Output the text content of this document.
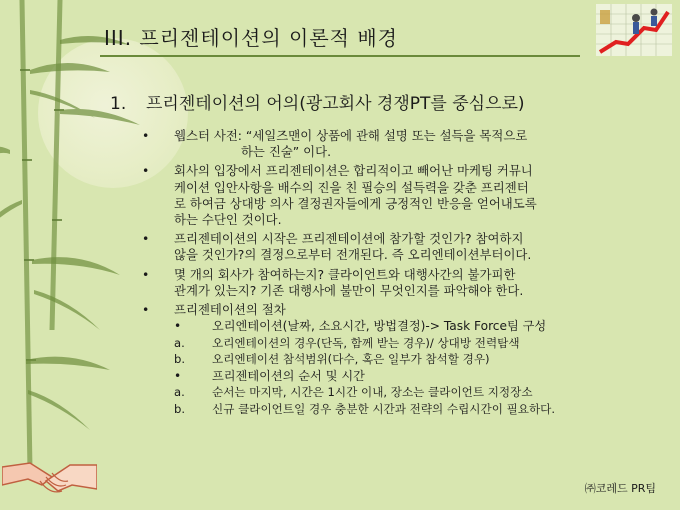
III. 프리젠테이션의 이론적 배경
1. 프리젠테이션의 어의(광고회사 경쟁PT를 중심으로)
•	웹스터 사전: “세일즈맨이 상품에 관해 설명 또는 설득을 목적으로
하는 진술” 이다.
•	회사의 입장에서 프리젠테이션은 합리적이고 빼어난 마케팅 커뮤니
케이션 입안사항을 배수의 진을 친 필승의 설득력을 갖춘 프리젠터
로 하여금 상대방 의사 결정권자들에게 긍정적인 반응을 얻어내도록
하는 수단인 것이다.
•	프리젠테이션의 시작은 프리젠테이션에 참가할 것인가? 참여하지
않을 것인가?의 결정으로부터 전개된다. 즉 오리엔테이션부터이다.
•	몇 개의 회사가 참여하는지? 클라이언트와 대행사간의 불가피한
관계가 있는지? 기존 대행사에 불만이 무엇인지를 파악해야 한다.
•	프리젠테이션의 절차
•	오리엔테이션(날짜, 소요시간, 방법결정)-> Task Force팀 구성
a. 오리엔테이션의 경우(단독, 함께 받는 경우)/ 상대방 전력탐색
b. 오리엔테이션 참석범위(다수, 혹은 일부가 참석할 경우)
•	프리젠테이션의 순서 및 시간
a. 순서는 마지막, 시간은 1시간 이내, 장소는 클라이언트 지정장소
b. 신규 클라이언트일 경우 충분한 시간과 전략의 수립시간이 필요하다.
㈜코레드 PR팀
